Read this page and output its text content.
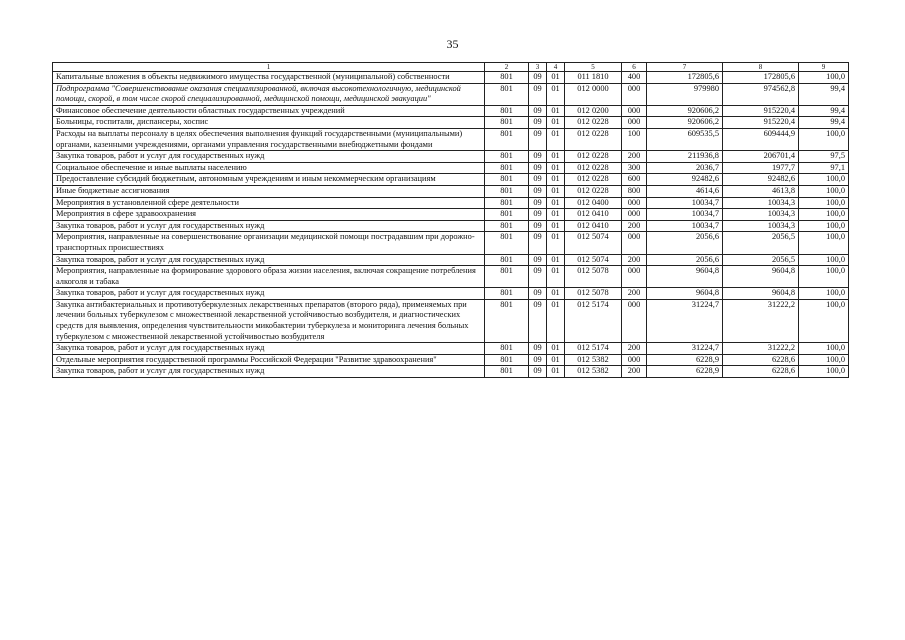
35
1	2	3	4	5	6	7	8	9
Капитальные вложения в объекты недвижимого имущества государственной (муниципальной) собственности	801	09	01	011 1810	400	172805,6	172805,6	100,0
Подпрограмма "Совершенствование оказания специализированной, включая высокотехнологичную, медицинской помощи, скорой, в том числе скорой специализированной, медицинской помощи, медицинской эвакуации"	801	09	01	012 0000	000	979980	974562,8	99,4
Финансовое обеспечение деятельности областных государственных учреждений	801	09	01	012 0200	000	920606,2	915220,4	99,4
Больницы, госпитали, диспансеры, хоспис	801	09	01	012 0228	000	920606,2	915220,4	99,4
Расходы на выплаты персоналу в целях обеспечения выполнения функций государственными (муниципальными) органами, казенными учреждениями, органами управления государственными внебюджетными фондами	801	09	01	012 0228	100	609535,5	609444,9	100,0
Закупка товаров, работ и услуг для государственных нужд	801	09	01	012 0228	200	211936,8	206701,4	97,5
Социальное обеспечение и иные выплаты населению	801	09	01	012 0228	300	2036,7	1977,7	97,1
Предоставление субсидий бюджетным, автономным учреждениям и иным некоммерческим организациям	801	09	01	012 0228	600	92482,6	92482,6	100,0
Иные бюджетные ассигнования	801	09	01	012 0228	800	4614,6	4613,8	100,0
Мероприятия в установленной сфере деятельности	801	09	01	012 0400	000	10034,7	10034,3	100,0
Мероприятия в сфере здравоохранения	801	09	01	012 0410	000	10034,7	10034,3	100,0
Закупка товаров, работ и услуг для государственных нужд	801	09	01	012 0410	200	10034,7	10034,3	100,0
Мероприятия, направленные на совершенствование организации медицинской помощи пострадавшим при дорожно-транспортных происшествиях	801	09	01	012 5074	000	2056,6	2056,5	100,0
Закупка товаров, работ и услуг для государственных нужд	801	09	01	012 5074	200	2056,6	2056,5	100,0
Мероприятия, направленные на формирование здорового образа жизни населения, включая сокращение потребления алкоголя и табака	801	09	01	012 5078	000	9604,8	9604,8	100,0
Закупка товаров, работ и услуг для государственных нужд	801	09	01	012 5078	200	9604,8	9604,8	100,0
Закупка антибактериальных и противотуберкулезных лекарственных препаратов (второго ряда), применяемых при лечении больных туберкулезом с множественной лекарственной устойчивостью возбудителя, и диагностических средств для выявления, определения чувствительности микобактерии туберкулеза и мониторинга лечения больных туберкулезом с множественной лекарственной устойчивостью возбудителя	801	09	01	012 5174	000	31224,7	31222,2	100,0
Закупка товаров, работ и услуг для государственных нужд	801	09	01	012 5174	200	31224,7	31222,2	100,0
Отдельные мероприятия государственной программы Российской Федерации "Развитие здравоохранения"	801	09	01	012 5382	000	6228,9	6228,6	100,0
Закупка товаров, работ и услуг для государственных нужд	801	09	01	012 5382	200	6228,9	6228,6	100,0
